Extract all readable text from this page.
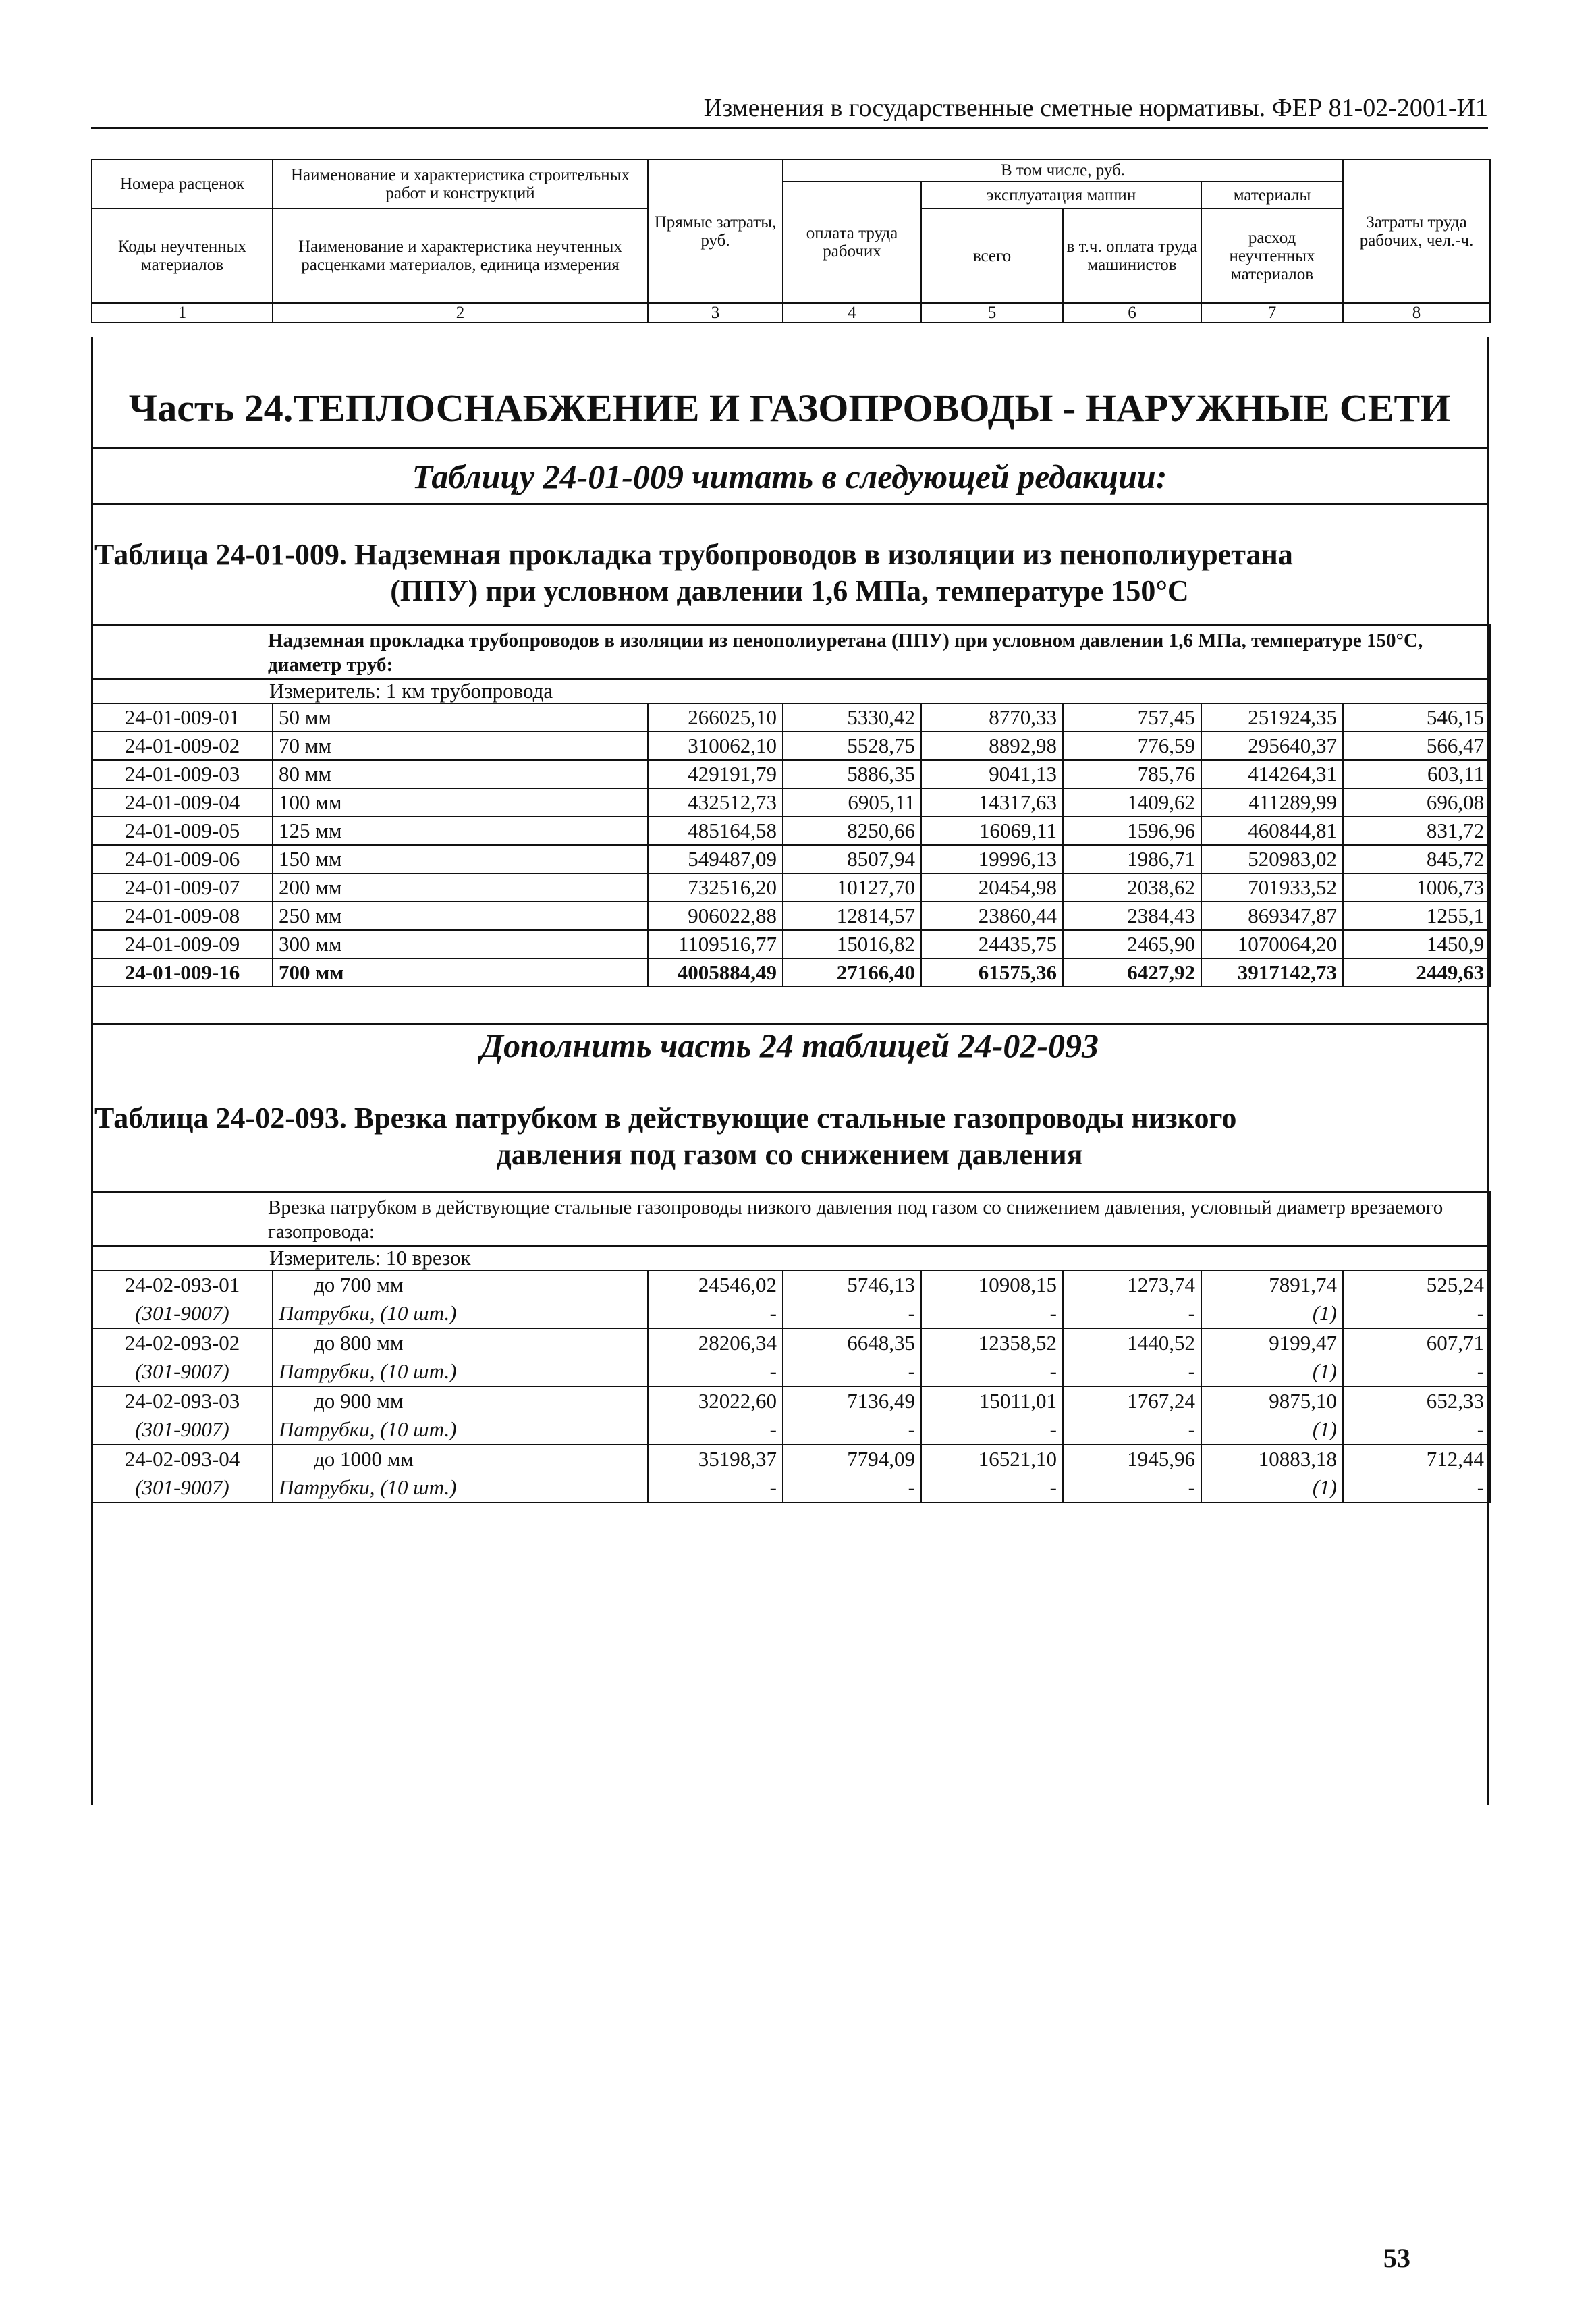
Изменения в государственные сметные нормативы. ФЕР 81-02-2001-И1
Номера расценок	Наименование и характеристика строительных работ и конструкций	Прямые затраты, руб.	В том числе, руб.				Затраты труда рабочих, чел.-ч.
			оплата труда рабочих	эксплуатация машин		материалы	
Коды неучтенных материалов	Наименование и характеристика неучтенных расценками материалов, единица измерения			всего	в т.ч. оплата труда машинистов	расход неучтенных материалов	

1	2	3	4	5	6	7	8
Часть 24.ТЕПЛОСНАБЖЕНИЕ И ГАЗОПРОВОДЫ - НАРУЖНЫЕ СЕТИ
Таблицу 24-01-009 читать в следующей редакции:
Таблица 24-01-009. Надземная прокладка трубопроводов в изоляции из пенополиуретана
(ППУ) при условном давлении 1,6 МПа, температуре 150°С
Надземная прокладка трубопроводов в изоляции из пенополиуретана (ППУ) при условном давлении 1,6 МПа, температуре 150°С, диаметр труб:							
Измеритель: 1 км трубопровода							
24-01-009-01	50 мм	266025,10	5330,42	8770,33	757,45	251924,35	546,15
24-01-009-02	70 мм	310062,10	5528,75	8892,98	776,59	295640,37	566,47
24-01-009-03	80 мм	429191,79	5886,35	9041,13	785,76	414264,31	603,11
24-01-009-04	100 мм	432512,73	6905,11	14317,63	1409,62	411289,99	696,08
24-01-009-05	125 мм	485164,58	8250,66	16069,11	1596,96	460844,81	831,72
24-01-009-06	150 мм	549487,09	8507,94	19996,13	1986,71	520983,02	845,72
24-01-009-07	200 мм	732516,20	10127,70	20454,98	2038,62	701933,52	1006,73
24-01-009-08	250 мм	906022,88	12814,57	23860,44	2384,43	869347,87	1255,1
24-01-009-09	300 мм	1109516,77	15016,82	24435,75	2465,90	1070064,20	1450,9
24-01-009-16	700 мм	4005884,49	27166,40	61575,36	6427,92	3917142,73	2449,63
Дополнить часть 24 таблицей 24-02-093
Таблица 24-02-093. Врезка патрубком в действующие стальные газопроводы низкого
давления под газом со снижением давления
Врезка патрубком в действующие стальные газопроводы низкого давления под газом со снижением давления, условный диаметр врезаемого газопровода:							
Измеритель: 10 врезок							
24-02-093-01	до 700 мм	24546,02	5746,13	10908,15	1273,74	7891,74	525,24
(301-9007)	Патрубки, (10 шт.)	-	-	-	-	(1)	-
24-02-093-02	до 800 мм	28206,34	6648,35	12358,52	1440,52	9199,47	607,71
(301-9007)	Патрубки, (10 шт.)	-	-	-	-	(1)	-
24-02-093-03	до 900 мм	32022,60	7136,49	15011,01	1767,24	9875,10	652,33
(301-9007)	Патрубки, (10 шт.)	-	-	-	-	(1)	-
24-02-093-04	до 1000 мм	35198,37	7794,09	16521,10	1945,96	10883,18	712,44
(301-9007)	Патрубки, (10 шт.)	-	-	-	-	(1)	-
53
